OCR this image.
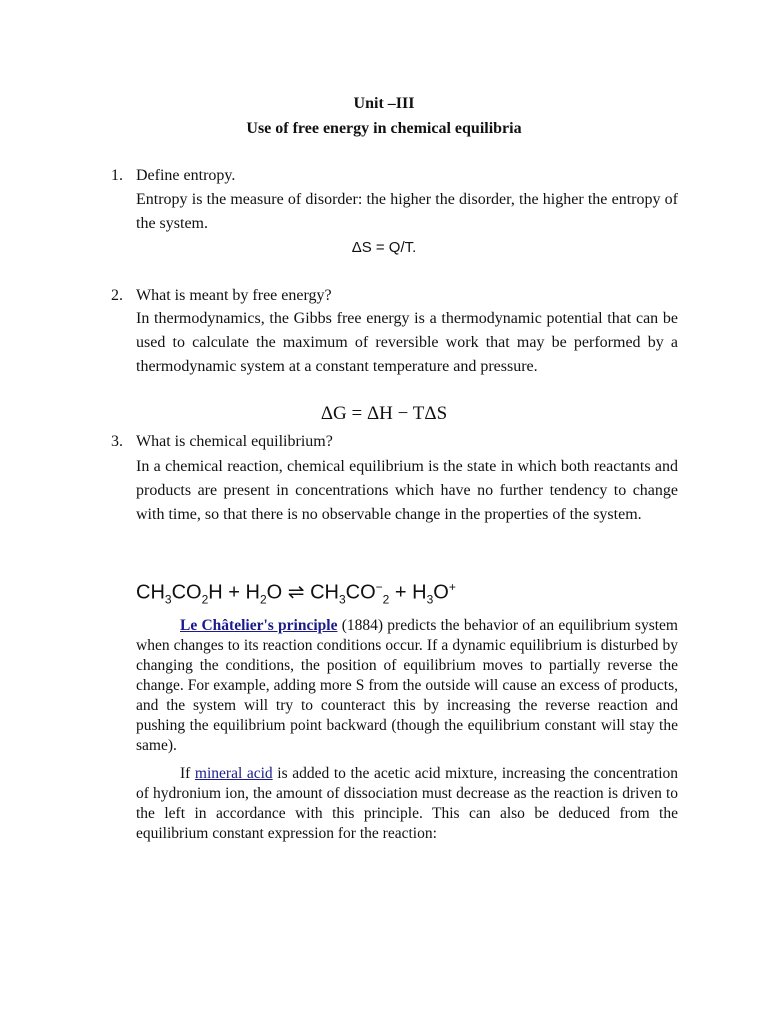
Unit –III
Use of free energy in chemical equilibria
1. Define entropy.
Entropy is the measure of disorder: the higher the disorder, the higher the entropy of the system.
ΔS = Q/T.
2. What is meant by free energy?
In thermodynamics, the Gibbs free energy is a thermodynamic potential that can be used to calculate the maximum of reversible work that may be performed by a thermodynamic system at a constant temperature and pressure.
ΔG = ΔH − TΔS
3. What is chemical equilibrium?
In a chemical reaction, chemical equilibrium is the state in which both reactants and products are present in concentrations which have no further tendency to change with time, so that there is no observable change in the properties of the system.
$CH_3CO_2H + H_2O$ ⇌ $CH_3CO^-_2 + H_3O^+$

Le Châtelier's principle (1884) predicts the behavior of an equilibrium system when changes to its reaction conditions occur. If a dynamic equilibrium is disturbed by changing the conditions, the position of equilibrium moves to partially reverse the change. For example, adding more S from the outside will cause an excess of products, and the system will try to counteract this by increasing the reverse reaction and pushing the equilibrium point backward (though the equilibrium constant will stay the same).

If mineral acid is added to the acetic acid mixture, increasing the concentration of hydronium ion, the amount of dissociation must decrease as the reaction is driven to the left in accordance with this principle. This can also be deduced from the equilibrium constant expression for the reaction:
